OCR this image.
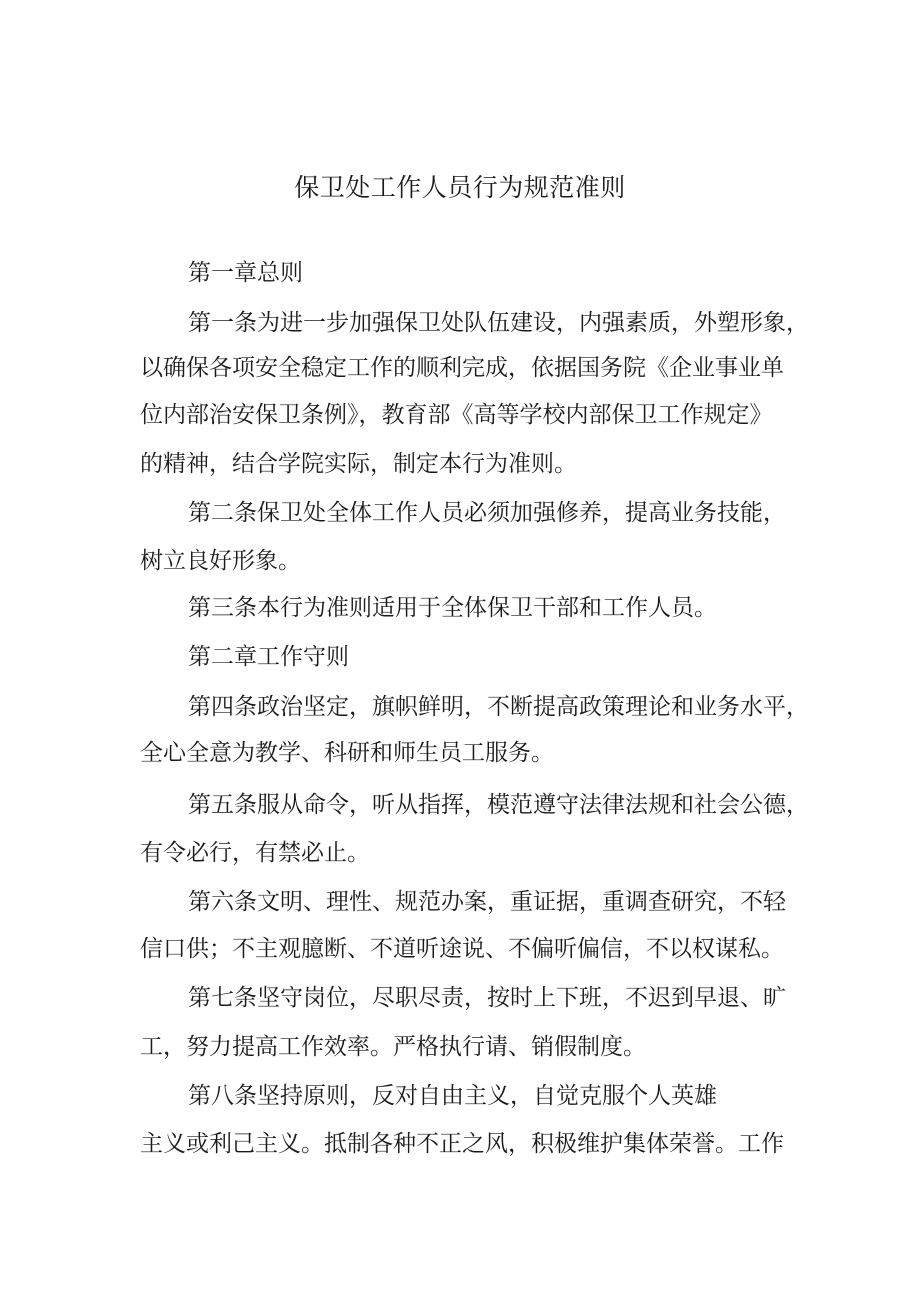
保卫处工作人员行为规范准则
第一章总则
第一条为进一步加强保卫处队伍建设，内强素质，外塑形象，
以确保各项安全稳定工作的顺利完成，依据国务院《企业事业单
位内部治安保卫条例》，教育部《高等学校内部保卫工作规定》
的精神，结合学院实际，制定本行为准则。
第二条保卫处全体工作人员必须加强修养，提高业务技能，
树立良好形象。
第三条本行为准则适用于全体保卫干部和工作人员。
第二章工作守则
第四条政治坚定，旗帜鲜明，不断提高政策理论和业务水平，
全心全意为教学、科研和师生员工服务。
第五条服从命令，听从指挥，模范遵守法律法规和社会公德，
有令必行，有禁必止。
第六条文明、理性、规范办案，重证据，重调查研究，不轻
信口供；不主观臆断、不道听途说、不偏听偏信，不以权谋私。
第七条坚守岗位，尽职尽责，按时上下班，不迟到早退、旷
工，努力提高工作效率。严格执行请、销假制度。
第八条坚持原则，反对自由主义，自觉克服个人英雄
主义或利己主义。抵制各种不正之风，积极维护集体荣誉。工作
